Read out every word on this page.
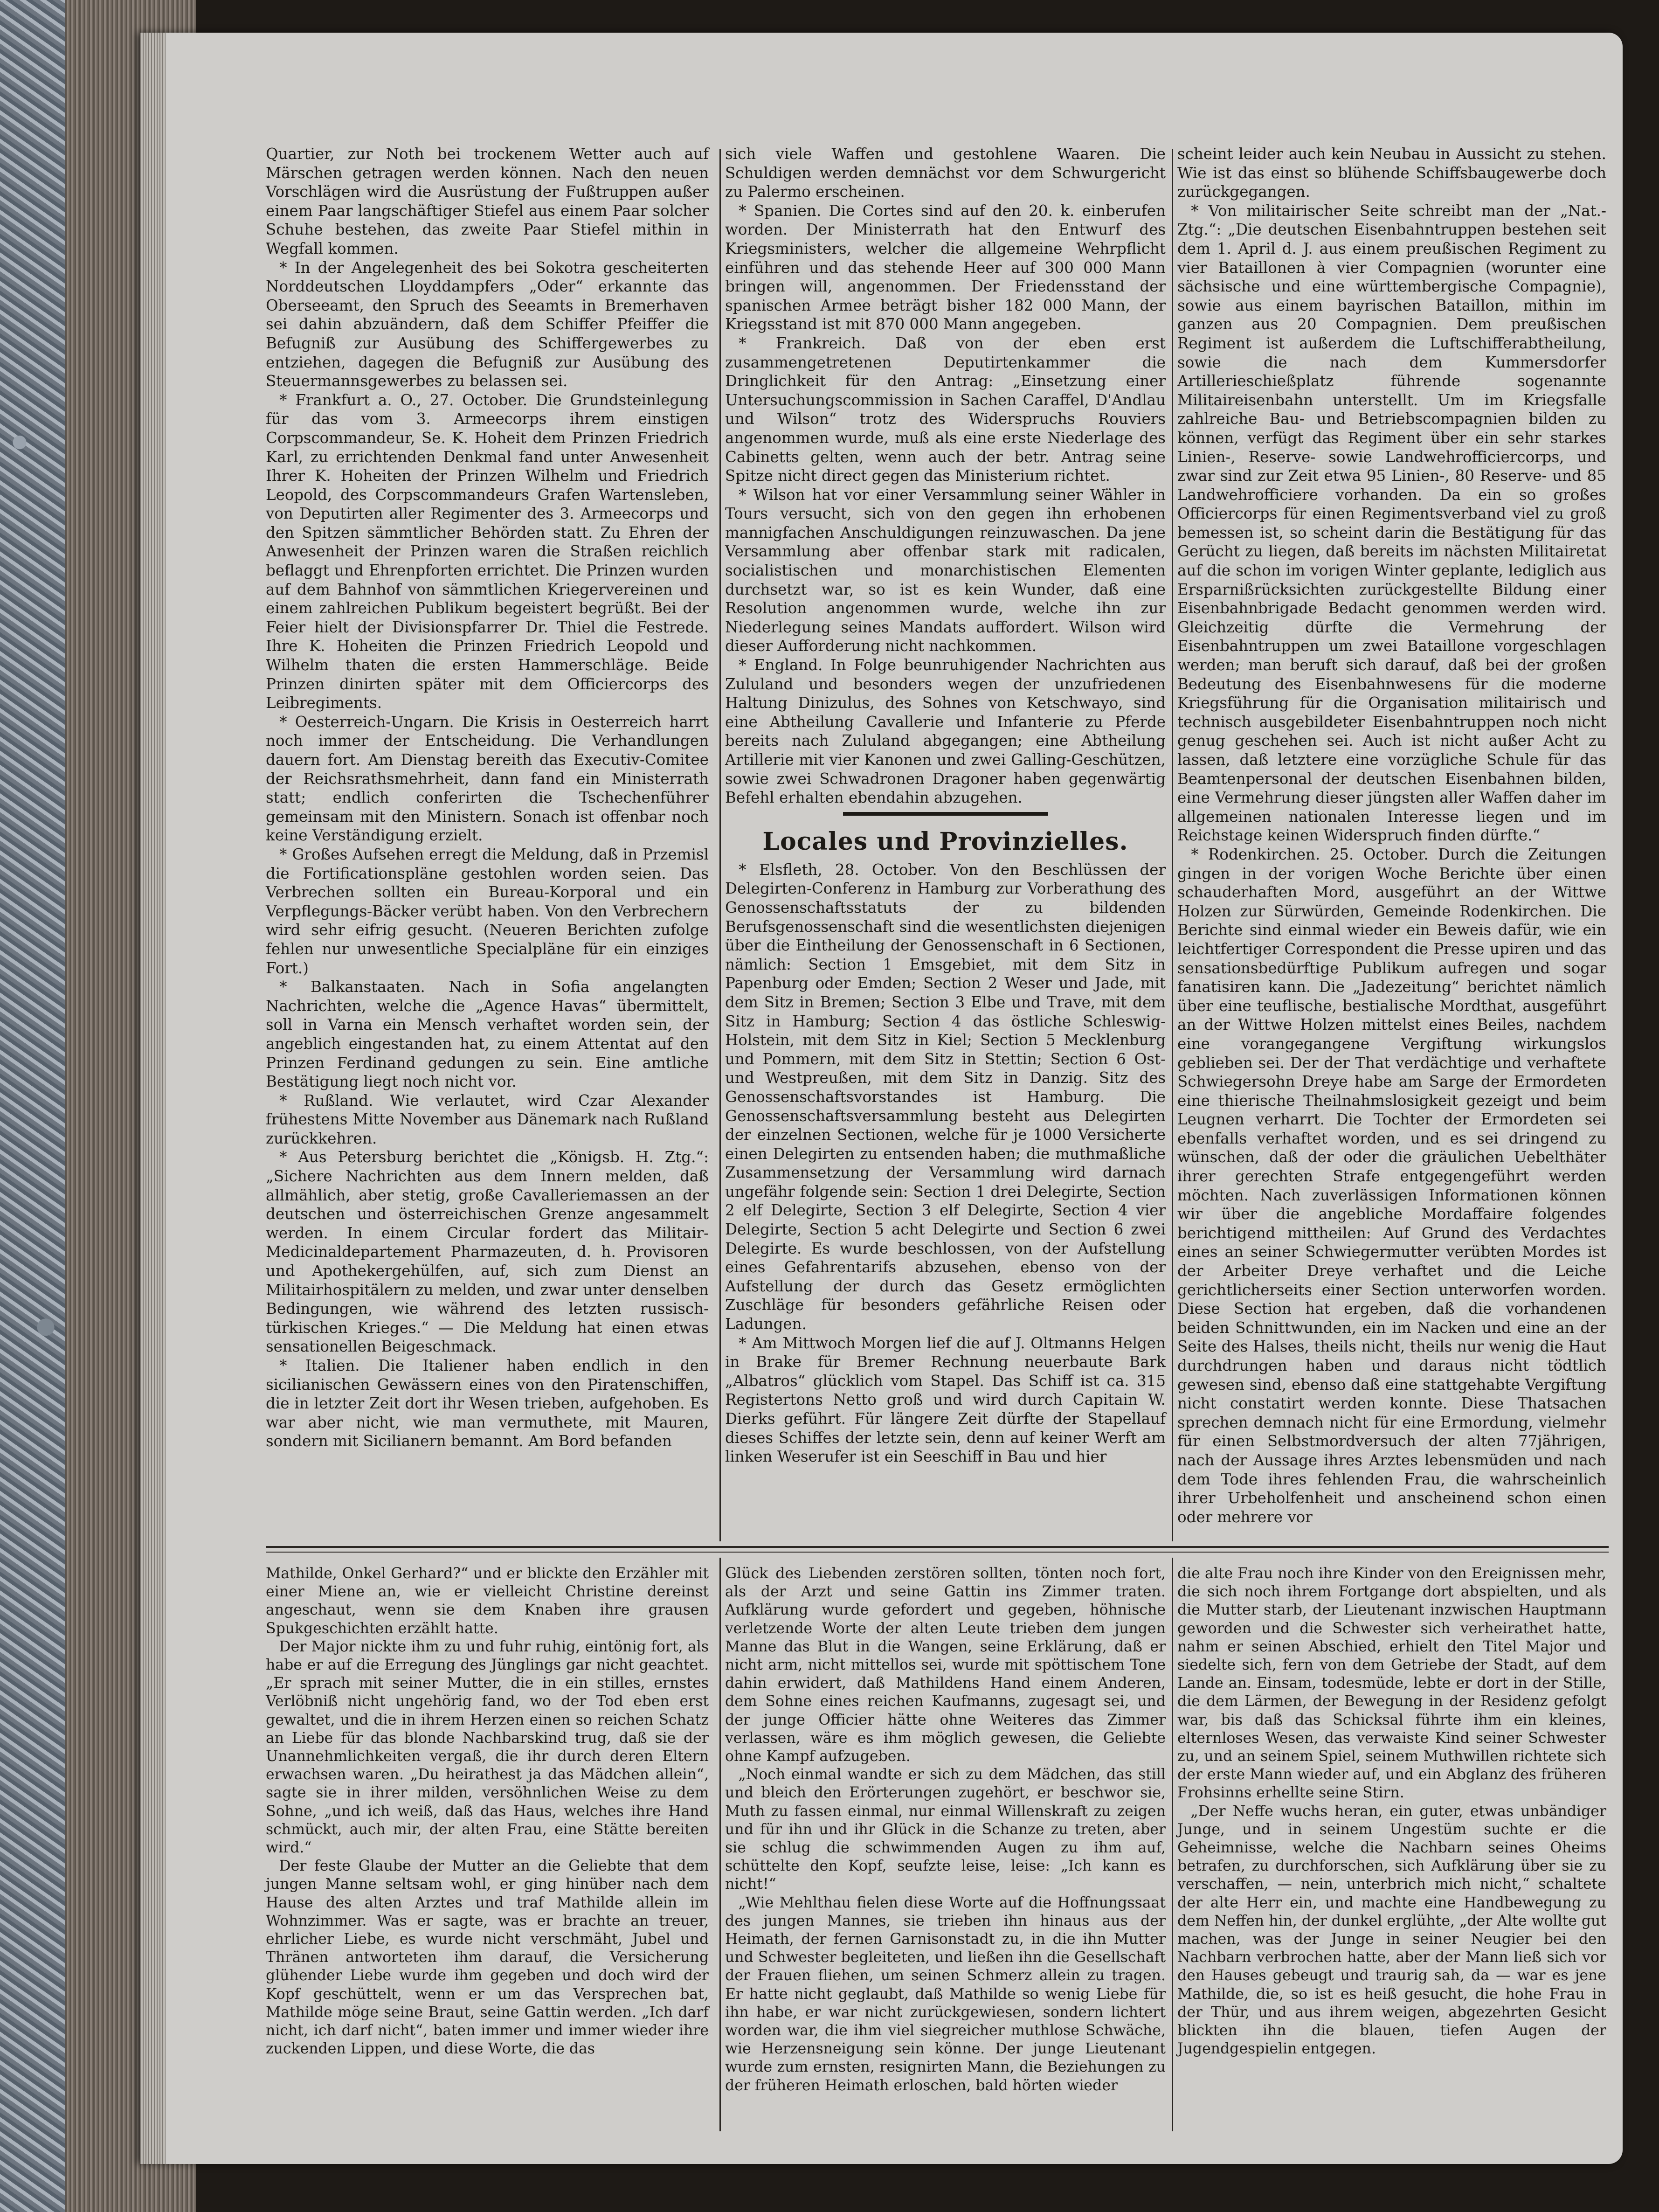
Quartier, zur Noth bei trockenem Wetter auch auf Märschen getragen werden können. Nach den neuen Vorschlägen wird die Ausrüstung der Fußtruppen außer einem Paar langschäftiger Stiefel aus einem Paar solcher Schuhe bestehen, das zweite Paar Stiefel mithin in Wegfall kommen.

* In der Angelegenheit des bei Sokotra gescheiterten Norddeutschen Lloyddampfers „Oder“ erkannte das Oberseeamt, den Spruch des Seeamts in Bremerhaven sei dahin abzuändern, daß dem Schiffer Pfeiffer die Befugniß zur Ausübung des Schiffergewerbes zu entziehen, dagegen die Befugniß zur Ausübung des Steuermannsgewerbes zu belassen sei.

* Frankfurt a. O., 27. October. Die Grundsteinlegung für das vom 3. Armeecorps ihrem einstigen Corpscommandeur, Se. K. Hoheit dem Prinzen Friedrich Karl, zu errichtenden Denkmal fand unter Anwesenheit Ihrer K. Hoheiten der Prinzen Wilhelm und Friedrich Leopold, des Corpscommandeurs Grafen Wartensleben, von Deputirten aller Regimenter des 3. Armeecorps und den Spitzen sämmtlicher Behörden statt. Zu Ehren der Anwesenheit der Prinzen waren die Straßen reichlich beflaggt und Ehrenpforten errichtet. Die Prinzen wurden auf dem Bahnhof von sämmtlichen Kriegervereinen und einem zahlreichen Publikum begeistert begrüßt. Bei der Feier hielt der Divisionspfarrer Dr. Thiel die Festrede. Ihre K. Hoheiten die Prinzen Friedrich Leopold und Wilhelm thaten die ersten Hammerschläge. Beide Prinzen dinirten später mit dem Officiercorps des Leibregiments.

* Oesterreich-Ungarn. Die Krisis in Oesterreich harrt noch immer der Entscheidung. Die Verhandlungen dauern fort. Am Dienstag bereith das Executiv-Comitee der Reichsrathsmehrheit, dann fand ein Ministerrath statt; endlich conferirten die Tschechenführer gemeinsam mit den Ministern. Sonach ist offenbar noch keine Verständigung erzielt.

* Großes Aufsehen erregt die Meldung, daß in Przemisl die Fortificationspläne gestohlen worden seien. Das Verbrechen sollten ein Bureau-Korporal und ein Verpflegungs-Bäcker verübt haben. Von den Verbrechern wird sehr eifrig gesucht. (Neueren Berichten zufolge fehlen nur unwesentliche Specialpläne für ein einziges Fort.)

* Balkanstaaten. Nach in Sofia angelangten Nachrichten, welche die „Agence Havas“ übermittelt, soll in Varna ein Mensch verhaftet worden sein, der angeblich eingestanden hat, zu einem Attentat auf den Prinzen Ferdinand gedungen zu sein. Eine amtliche Bestätigung liegt noch nicht vor.

* Rußland. Wie verlautet, wird Czar Alexander frühestens Mitte November aus Dänemark nach Rußland zurückkehren.

* Aus Petersburg berichtet die „Königsb. H. Ztg.“: „Sichere Nachrichten aus dem Innern melden, daß allmählich, aber stetig, große Cavalleriemassen an der deutschen und österreichischen Grenze angesammelt werden. In einem Circular fordert das Militair-Medicinaldepartement Pharmazeuten, d. h. Provisoren und Apothekergehülfen, auf, sich zum Dienst an Militairhospitälern zu melden, und zwar unter denselben Bedingungen, wie während des letzten russisch-türkischen Krieges.“ — Die Meldung hat einen etwas sensationellen Beigeschmack.

* Italien. Die Italiener haben endlich in den sicilianischen Gewässern eines von den Piratenschiffen, die in letzter Zeit dort ihr Wesen trieben, aufgehoben. Es war aber nicht, wie man vermuthete, mit Mauren, sondern mit Sicilianern bemannt. Am Bord befanden

sich viele Waffen und gestohlene Waaren. Die Schuldigen werden demnächst vor dem Schwurgericht zu Palermo erscheinen.

* Spanien. Die Cortes sind auf den 20. k. einberufen worden. Der Ministerrath hat den Entwurf des Kriegsministers, welcher die allgemeine Wehrpflicht einführen und das stehende Heer auf 300 000 Mann bringen will, angenommen. Der Friedensstand der spanischen Armee beträgt bisher 182 000 Mann, der Kriegsstand ist mit 870 000 Mann angegeben.

* Frankreich. Daß von der eben erst zusammengetretenen Deputirtenkammer die Dringlichkeit für den Antrag: „Einsetzung einer Untersuchungscommission in Sachen Caraffel, D'Andlau und Wilson“ trotz des Widerspruchs Rouviers angenommen wurde, muß als eine erste Niederlage des Cabinetts gelten, wenn auch der betr. Antrag seine Spitze nicht direct gegen das Ministerium richtet.

* Wilson hat vor einer Versammlung seiner Wähler in Tours versucht, sich von den gegen ihn erhobenen mannigfachen Anschuldigungen reinzuwaschen. Da jene Versammlung aber offenbar stark mit radicalen, socialistischen und monarchistischen Elementen durchsetzt war, so ist es kein Wunder, daß eine Resolution angenommen wurde, welche ihn zur Niederlegung seines Mandats auffordert. Wilson wird dieser Aufforderung nicht nachkommen.

* England. In Folge beunruhigender Nachrichten aus Zululand und besonders wegen der unzufriedenen Haltung Dinizulus, des Sohnes von Ketschwayo, sind eine Abtheilung Cavallerie und Infanterie zu Pferde bereits nach Zululand abgegangen; eine Abtheilung Artillerie mit vier Kanonen und zwei Galling-Geschützen, sowie zwei Schwadronen Dragoner haben gegenwärtig Befehl erhalten ebendahin abzugehen.

Locales und Provinzielles.

* Elsfleth, 28. October. Von den Beschlüssen der Delegirten-Conferenz in Hamburg zur Vorberathung des Genossenschaftsstatuts der zu bildenden Berufsgenossenschaft sind die wesentlichsten diejenigen über die Eintheilung der Genossenschaft in 6 Sectionen, nämlich: Section 1 Emsgebiet, mit dem Sitz in Papenburg oder Emden; Section 2 Weser und Jade, mit dem Sitz in Bremen; Section 3 Elbe und Trave, mit dem Sitz in Hamburg; Section 4 das östliche Schleswig-Holstein, mit dem Sitz in Kiel; Section 5 Mecklenburg und Pommern, mit dem Sitz in Stettin; Section 6 Ost- und Westpreußen, mit dem Sitz in Danzig. Sitz des Genossenschaftsvorstandes ist Hamburg. Die Genossenschaftsversammlung besteht aus Delegirten der einzelnen Sectionen, welche für je 1000 Versicherte einen Delegirten zu entsenden haben; die muthmaßliche Zusammensetzung der Versammlung wird darnach ungefähr folgende sein: Section 1 drei Delegirte, Section 2 elf Delegirte, Section 3 elf Delegirte, Section 4 vier Delegirte, Section 5 acht Delegirte und Section 6 zwei Delegirte. Es wurde beschlossen, von der Aufstellung eines Gefahrentarifs abzusehen, ebenso von der Aufstellung der durch das Gesetz ermöglichten Zuschläge für besonders gefährliche Reisen oder Ladungen.

* Am Mittwoch Morgen lief die auf J. Oltmanns Helgen in Brake für Bremer Rechnung neuerbaute Bark „Albatros“ glücklich vom Stapel. Das Schiff ist ca. 315 Registertons Netto groß und wird durch Capitain W. Dierks geführt. Für längere Zeit dürfte der Stapellauf dieses Schiffes der letzte sein, denn auf keiner Werft am linken Weserufer ist ein Seeschiff in Bau und hier

scheint leider auch kein Neubau in Aussicht zu stehen. Wie ist das einst so blühende Schiffsbaugewerbe doch zurückgegangen.

* Von militairischer Seite schreibt man der „Nat.-Ztg.“: „Die deutschen Eisenbahntruppen bestehen seit dem 1. April d. J. aus einem preußischen Regiment zu vier Bataillonen à vier Compagnien (worunter eine sächsische und eine württembergische Compagnie), sowie aus einem bayrischen Bataillon, mithin im ganzen aus 20 Compagnien. Dem preußischen Regiment ist außerdem die Luftschifferabtheilung, sowie die nach dem Kummersdorfer Artillerieschießplatz führende sogenannte Militaireisenbahn unterstellt. Um im Kriegsfalle zahlreiche Bau- und Betriebscompagnien bilden zu können, verfügt das Regiment über ein sehr starkes Linien-, Reserve- sowie Landwehrofficiercorps, und zwar sind zur Zeit etwa 95 Linien-, 80 Reserve- und 85 Landwehrofficiere vorhanden. Da ein so großes Officiercorps für einen Regimentsverband viel zu groß bemessen ist, so scheint darin die Bestätigung für das Gerücht zu liegen, daß bereits im nächsten Militairetat auf die schon im vorigen Winter geplante, lediglich aus Ersparnißrücksichten zurückgestellte Bildung einer Eisenbahnbrigade Bedacht genommen werden wird. Gleichzeitig dürfte die Vermehrung der Eisenbahntruppen um zwei Bataillone vorgeschlagen werden; man beruft sich darauf, daß bei der großen Bedeutung des Eisenbahnwesens für die moderne Kriegsführung für die Organisation militairisch und technisch ausgebildeter Eisenbahntruppen noch nicht genug geschehen sei. Auch ist nicht außer Acht zu lassen, daß letztere eine vorzügliche Schule für das Beamtenpersonal der deutschen Eisenbahnen bilden, eine Vermehrung dieser jüngsten aller Waffen daher im allgemeinen nationalen Interesse liegen und im Reichstage keinen Widerspruch finden dürfte.“

* Rodenkirchen. 25. October. Durch die Zeitungen gingen in der vorigen Woche Berichte über einen schauderhaften Mord, ausgeführt an der Wittwe Holzen zur Sürwürden, Gemeinde Rodenkirchen. Die Berichte sind einmal wieder ein Beweis dafür, wie ein leichtfertiger Correspondent die Presse upiren und das sensationsbedürftige Publikum aufregen und sogar fanatisiren kann. Die „Jadezeitung“ berichtet nämlich über eine teuflische, bestialische Mordthat, ausgeführt an der Wittwe Holzen mittelst eines Beiles, nachdem eine vorangegangene Vergiftung wirkungslos geblieben sei. Der der That verdächtige und verhaftete Schwiegersohn Dreye habe am Sarge der Ermordeten eine thierische Theilnahmslosigkeit gezeigt und beim Leugnen verharrt. Die Tochter der Ermordeten sei ebenfalls verhaftet worden, und es sei dringend zu wünschen, daß der oder die gräulichen Uebelthäter ihrer gerechten Strafe entgegengeführt werden möchten. Nach zuverlässigen Informationen können wir über die angebliche Mordaffaire folgendes berichtigend mittheilen: Auf Grund des Verdachtes eines an seiner Schwiegermutter verübten Mordes ist der Arbeiter Dreye verhaftet und die Leiche gerichtlicherseits einer Section unterworfen worden. Diese Section hat ergeben, daß die vorhandenen beiden Schnittwunden, ein im Nacken und eine an der Seite des Halses, theils nicht, theils nur wenig die Haut durchdrungen haben und daraus nicht tödtlich gewesen sind, ebenso daß eine stattgehabte Vergiftung nicht constatirt werden konnte. Diese Thatsachen sprechen demnach nicht für eine Ermordung, vielmehr für einen Selbstmordversuch der alten 77jährigen, nach der Aussage ihres Arztes lebensmüden und nach dem Tode ihres fehlenden Frau, die wahrscheinlich ihrer Urbeholfenheit und anscheinend schon einen oder mehrere vor

Mathilde, Onkel Gerhard?“ und er blickte den Erzähler mit einer Miene an, wie er vielleicht Christine dereinst angeschaut, wenn sie dem Knaben ihre grausen Spukgeschichten erzählt hatte.

Der Major nickte ihm zu und fuhr ruhig, eintönig fort, als habe er auf die Erregung des Jünglings gar nicht geachtet. „Er sprach mit seiner Mutter, die in ein stilles, ernstes Verlöbniß nicht ungehörig fand, wo der Tod eben erst gewaltet, und die in ihrem Herzen einen so reichen Schatz an Liebe für das blonde Nachbarskind trug, daß sie der Unannehmlichkeiten vergaß, die ihr durch deren Eltern erwachsen waren. „Du heirathest ja das Mädchen allein“, sagte sie in ihrer milden, versöhnlichen Weise zu dem Sohne, „und ich weiß, daß das Haus, welches ihre Hand schmückt, auch mir, der alten Frau, eine Stätte bereiten wird.“

Der feste Glaube der Mutter an die Geliebte that dem jungen Manne seltsam wohl, er ging hinüber nach dem Hause des alten Arztes und traf Mathilde allein im Wohnzimmer. Was er sagte, was er brachte an treuer, ehrlicher Liebe, es wurde nicht verschmäht, Jubel und Thränen antworteten ihm darauf, die Versicherung glühender Liebe wurde ihm gegeben und doch wird der Kopf geschüttelt, wenn er um das Versprechen bat, Mathilde möge seine Braut, seine Gattin werden. „Ich darf nicht, ich darf nicht“, baten immer und immer wieder ihre zuckenden Lippen, und diese Worte, die das

Glück des Liebenden zerstören sollten, tönten noch fort, als der Arzt und seine Gattin ins Zimmer traten. Aufklärung wurde gefordert und gegeben, höhnische verletzende Worte der alten Leute trieben dem jungen Manne das Blut in die Wangen, seine Erklärung, daß er nicht arm, nicht mittellos sei, wurde mit spöttischem Tone dahin erwidert, daß Mathildens Hand einem Anderen, dem Sohne eines reichen Kaufmanns, zugesagt sei, und der junge Officier hätte ohne Weiteres das Zimmer verlassen, wäre es ihm möglich gewesen, die Geliebte ohne Kampf aufzugeben.

„Noch einmal wandte er sich zu dem Mädchen, das still und bleich den Erörterungen zugehört, er beschwor sie, Muth zu fassen einmal, nur einmal Willenskraft zu zeigen und für ihn und ihr Glück in die Schanze zu treten, aber sie schlug die schwimmenden Augen zu ihm auf, schüttelte den Kopf, seufzte leise, leise: „Ich kann es nicht!“

„Wie Mehlthau fielen diese Worte auf die Hoffnungssaat des jungen Mannes, sie trieben ihn hinaus aus der Heimath, der fernen Garnisonstadt zu, in die ihn Mutter und Schwester begleiteten, und ließen ihn die Gesellschaft der Frauen fliehen, um seinen Schmerz allein zu tragen. Er hatte nicht geglaubt, daß Mathilde so wenig Liebe für ihn habe, er war nicht zurückgewiesen, sondern lichtert worden war, die ihm viel siegreicher muthlose Schwäche, wie Herzensneigung sein könne. Der junge Lieutenant wurde zum ernsten, resignirten Mann, die Beziehungen zu der früheren Heimath erloschen, bald hörten wieder

die alte Frau noch ihre Kinder von den Ereignissen mehr, die sich noch ihrem Fortgange dort abspielten, und als die Mutter starb, der Lieutenant inzwischen Hauptmann geworden und die Schwester sich verheirathet hatte, nahm er seinen Abschied, erhielt den Titel Major und siedelte sich, fern von dem Getriebe der Stadt, auf dem Lande an. Einsam, todesmüde, lebte er dort in der Stille, die dem Lärmen, der Bewegung in der Residenz gefolgt war, bis daß das Schicksal führte ihm ein kleines, elternloses Wesen, das verwaiste Kind seiner Schwester zu, und an seinem Spiel, seinem Muthwillen richtete sich der erste Mann wieder auf, und ein Abglanz des früheren Frohsinns erhellte seine Stirn.

„Der Neffe wuchs heran, ein guter, etwas unbändiger Junge, und in seinem Ungestüm suchte er die Geheimnisse, welche die Nachbarn seines Oheims betrafen, zu durchforschen, sich Aufklärung über sie zu verschaffen, — nein, unterbrich mich nicht,“ schaltete der alte Herr ein, und machte eine Handbewegung zu dem Neffen hin, der dunkel erglühte, „der Alte wollte gut machen, was der Junge in seiner Neugier bei den Nachbarn verbrochen hatte, aber der Mann ließ sich vor den Hauses gebeugt und traurig sah, da — war es jene Mathilde, die, so ist es heiß gesucht, die hohe Frau in der Thür, und aus ihrem weigen, abgezehrten Gesicht blickten ihn die blauen, tiefen Augen der Jugendgespielin entgegen.
